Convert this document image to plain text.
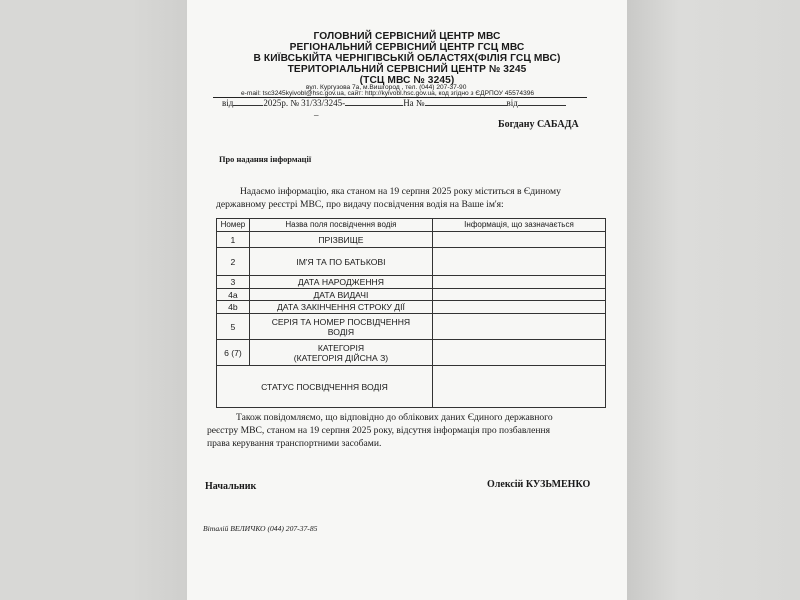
ГОЛОВНИЙ СЕРВІСНИЙ ЦЕНТР МВС
РЕГІОНАЛЬНИЙ СЕРВІСНИЙ ЦЕНТР ГСЦ МВС
В КИЇВСЬКІЙТА ЧЕРНІГІВСЬКІЙ ОБЛАСТЯХ(ФІЛІЯ ГСЦ МВС)
ТЕРИТОРІАЛЬНИЙ СЕРВІСНИЙ ЦЕНТР № 3245
(ТСЦ МВС № 3245)
вул. Кургузова 7а, м.Вишгород , тел. (044) 207-37-90
e-mail: tsc3245kyivobl@hsc.gov.ua, сайт: http://kyivobl.hsc.gov.ua, код згідно з ЄДРПОУ 45574396
від	2025р. № 31/33/3245-	На №	від
–
Богдану САБАДА
Про надання інформації
Надаємо інформацію, яка станом на 19 серпня 2025 року міститься в Єдиному
державному реєстрі МВС, про видачу посвідчення водія на Ваше ім'я:
Номер	Назва поля посвідчення водія	Інформація, що зазначається
1	ПРІЗВИЩЕ	
2	ІМ'Я ТА ПО БАТЬКОВІ	
3	ДАТА НАРОДЖЕННЯ	
4a	ДАТА ВИДАЧІ	
4b	ДАТА ЗАКІНЧЕННЯ СТРОКУ ДІЇ	
5	СЕРІЯ ТА НОМЕР ПОСВІДЧЕННЯ
ВОДІЯ	

6 (7)	КАТЕГОРІЯ
(КАТЕГОРІЯ ДІЙСНА З)	

СТАТУС ПОСВІДЧЕННЯ ВОДІЯ		
Також повідомляємо, що відповідно до облікових даних Єдиного державного
реєстру МВС, станом на 19 серпня 2025 року, відсутня інформація про позбавлення
права керування транспортними засобами.
Начальник	Олексій КУЗЬМЕНКО
Віталій ВЕЛИЧКО (044) 207-37-85
